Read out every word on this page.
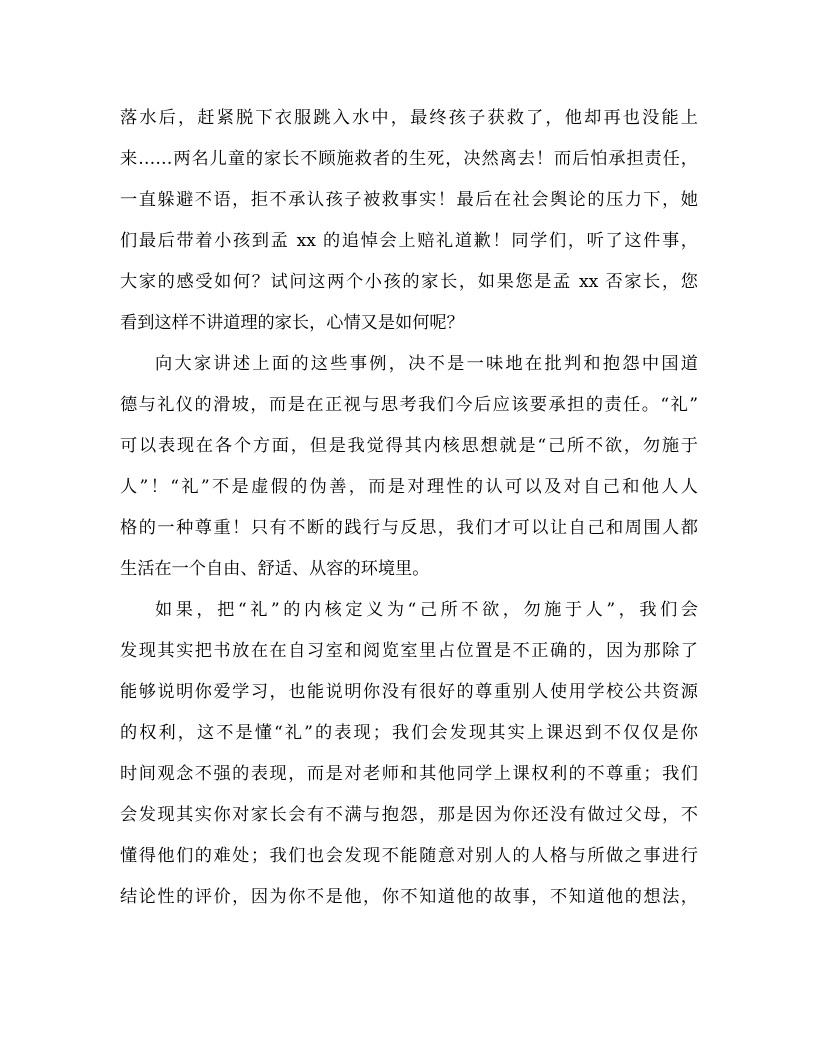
落水后，赶紧脱下衣服跳入水中，最终孩子获救了，他却再也没能上
来……两名儿童的家长不顾施救者的生死，决然离去！而后怕承担责任，
一直躲避不语，拒不承认孩子被救事实！最后在社会舆论的压力下，她
们最后带着小孩到孟 xx 的追悼会上赔礼道歉！同学们，听了这件事，
大家的感受如何？试问这两个小孩的家长，如果您是孟 xx 否家长，您
看到这样不讲道理的家长，心情又是如何呢？
向大家讲述上面的这些事例，决不是一味地在批判和抱怨中国道
德与礼仪的滑坡，而是在正视与思考我们今后应该要承担的责任。“礼”
可以表现在各个方面，但是我觉得其内核思想就是“己所不欲，勿施于
人”！“礼”不是虚假的伪善，而是对理性的认可以及对自己和他人人
格的一种尊重！只有不断的践行与反思，我们才可以让自己和周围人都
生活在一个自由、舒适、从容的环境里。
如果，把“礼”的内核定义为“己所不欲，勿施于人”，我们会
发现其实把书放在在自习室和阅览室里占位置是不正确的，因为那除了
能够说明你爱学习，也能说明你没有很好的尊重别人使用学校公共资源
的权利，这不是懂“礼”的表现；我们会发现其实上课迟到不仅仅是你
时间观念不强的表现，而是对老师和其他同学上课权利的不尊重；我们
会发现其实你对家长会有不满与抱怨，那是因为你还没有做过父母，不
懂得他们的难处；我们也会发现不能随意对别人的人格与所做之事进行
结论性的评价，因为你不是他，你不知道他的故事，不知道他的想法，
